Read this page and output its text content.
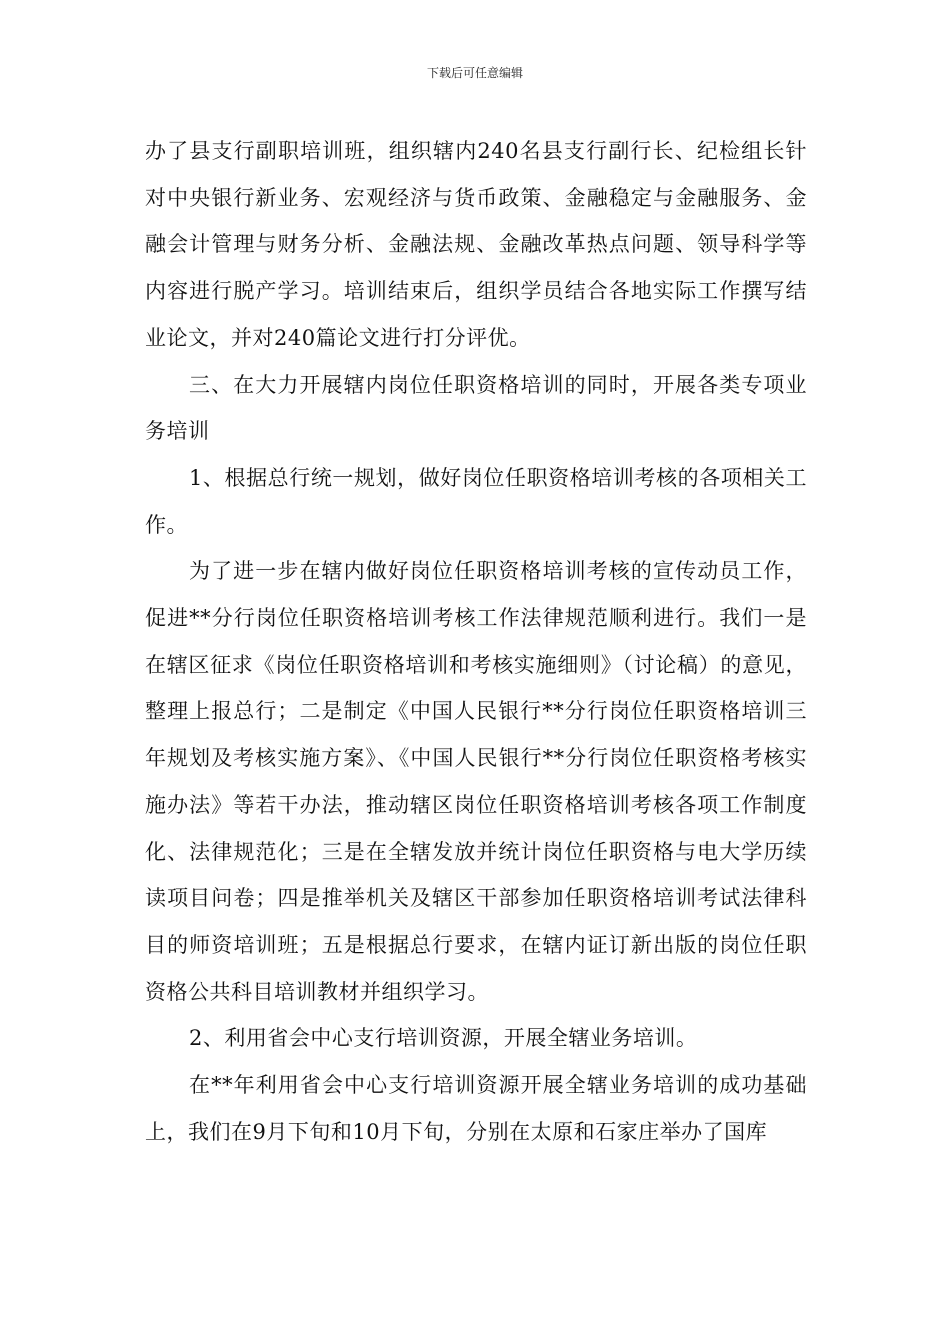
下载后可任意编辑

办了县支行副职培训班，组织辖内240名县支行副行长、纪检组长针对中央银行新业务、宏观经济与货币政策、金融稳定与金融服务、金融会计管理与财务分析、金融法规、金融改革热点问题、领导科学等内容进行脱产学习。培训结束后，组织学员结合各地实际工作撰写结业论文，并对240篇论文进行打分评优。

三、在大力开展辖内岗位任职资格培训的同时，开展各类专项业务培训

1、根据总行统一规划，做好岗位任职资格培训考核的各项相关工作。

为了进一步在辖内做好岗位任职资格培训考核的宣传动员工作，促进**分行岗位任职资格培训考核工作法律规范顺利进行。我们一是在辖区征求《岗位任职资格培训和考核实施细则》（讨论稿）的意见，整理上报总行；二是制定《中国人民银行**分行岗位任职资格培训三年规划及考核实施方案》、《中国人民银行**分行岗位任职资格考核实施办法》等若干办法，推动辖区岗位任职资格培训考核各项工作制度化、法律规范化；三是在全辖发放并统计岗位任职资格与电大学历续读项目问卷；四是推举机关及辖区干部参加任职资格培训考试法律科目的师资培训班；五是根据总行要求，在辖内证订新出版的岗位任职资格公共科目培训教材并组织学习。

2、利用省会中心支行培训资源，开展全辖业务培训。

在**年利用省会中心支行培训资源开展全辖业务培训的成功基础上，我们在9月下旬和10月下旬，分别在太原和石家庄举办了国库
